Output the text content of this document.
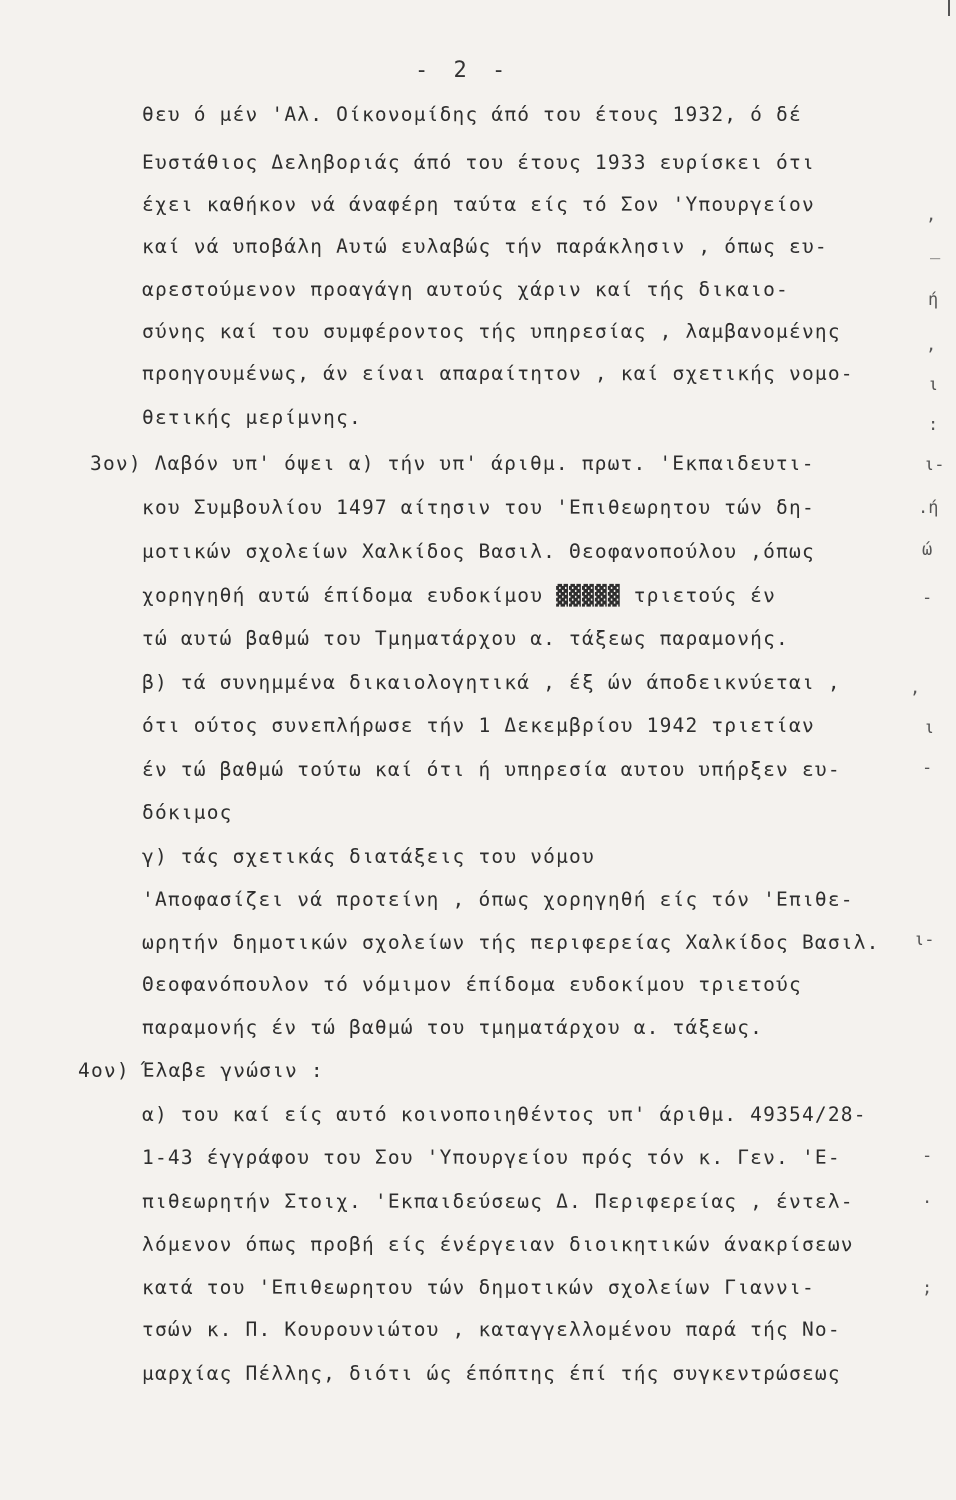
- 2 -
θευ ό μέν 'Αλ. Οίκονομίδης άπό του έτους 1932, ό δέ
Ευστάθιος Δεληβοριάς άπό του έτους 1933 ευρίσκει ότι
έχει καθήκον νά άναφέρη ταύτα είς τό Σον 'Υπουργείον
καί νά υποβάλη Αυτώ ευλαβώς τήν παράκλησιν , όπως ευ-
αρεστούμενον προαγάγη αυτούς χάριν καί τής δικαιο-
σύνης καί του συμφέροντος τής υπηρεσίας , λαμβανομένης
προηγουμένως, άν είναι απαραίτητον , καί σχετικής νομο-
θετικής μερίμνης.
3ον) Λαβόν υπ' όψει α) τήν υπ' άριθμ. πρωτ. 'Εκπαιδευτι-
κου Συμβουλίου 1497 αίτησιν του 'Επιθεωρητου τών δη-
μοτικών σχολείων Χαλκίδος Βασιλ. Θεοφανοπούλου ,όπως
χορηγηθή αυτώ έπίδομα ευδοκίμου ▓▓▓▓▓ τριετούς έν
τώ αυτώ βαθμώ του Τμηματάρχου α. τάξεως παραμονής.
β) τά συνημμένα δικαιολογητικά , έξ ών άποδεικνύεται ,
ότι ούτος συνεπλήρωσε τήν 1 Δεκεμβρίου 1942 τριετίαν
έν τώ βαθμώ τούτω καί ότι ή υπηρεσία αυτου υπήρξεν ευ-
δόκιμος
γ) τάς σχετικάς διατάξεις του νόμου
'Αποφασίζει νά προτείνη , όπως χορηγηθή είς τόν 'Επιθε-
ωρητήν δημοτικών σχολείων τής περιφερείας Χαλκίδος Βασιλ.
Θεοφανόπουλον τό νόμιμον έπίδομα ευδοκίμου τριετούς
παραμονής έν τώ βαθμώ του τμηματάρχου α. τάξεως.
4ον) Έλαβε γνώσιν :
α) του καί είς αυτό κοινοποιηθέντος υπ' άριθμ. 49354/28-
1-43 έγγράφου του Σου 'Υπουργείου πρός τόν κ. Γεν. 'Ε-
πιθεωρητήν Στοιχ. 'Εκπαιδεύσεως Δ. Περιφερείας , έντελ-
λόμενον όπως προβή είς ένέργειαν διοικητικών άνακρίσεων
κατά του 'Επιθεωρητου τών δημοτικών σχολείων Γιαννι-
τσών κ. Π. Κουρουνιώτου , καταγγελλομένου παρά τής Νο-
μαρχίας Πέλλης, διότι ώς έπόπτης έπί τής συγκεντρώσεως
,
_
ή
,
ι
:
ι-
.ή
ώ
-
,
ι
-
ι-
-
.
;
